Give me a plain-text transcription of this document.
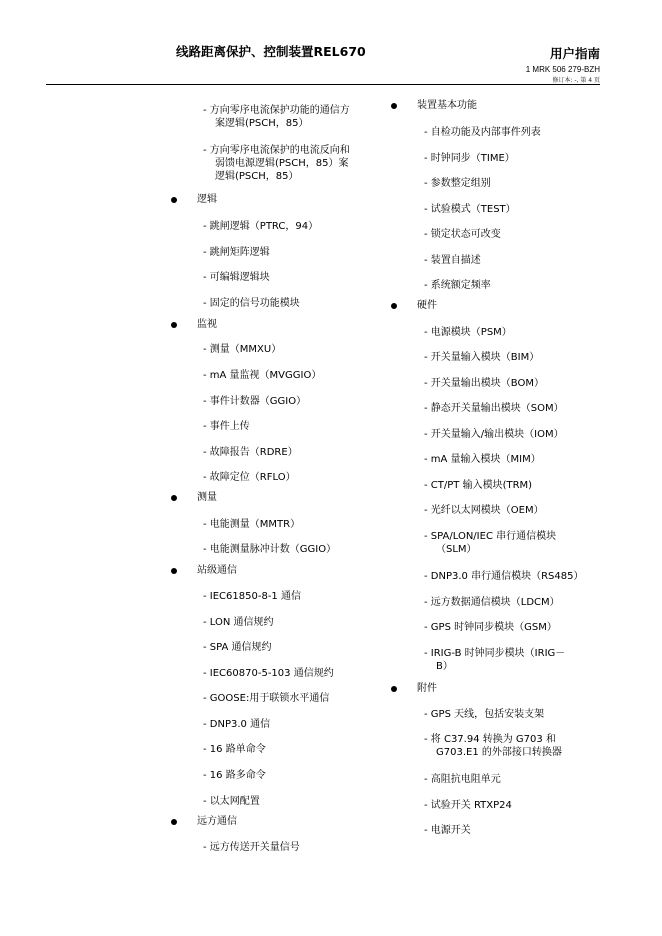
线路距离保护、控制装置REL670	用户指南
1 MRK 506 279-BZH
修订本: -, 第 4 页
- 方向零序电流保护功能的通信方
案逻辑(PSCH，85）
- 方向零序电流保护的电流反向和
弱馈电源逻辑(PSCH，85）案
逻辑(PSCH，85）
逻辑
- 跳闸逻辑（PTRC，94）
- 跳闸矩阵逻辑
- 可编辑逻辑块
- 固定的信号功能模块
监视
- 测量（MMXU）
- mA 量监视（MVGGIO）
- 事件计数器（GGIO）
- 事件上传
- 故障报告（RDRE）
- 故障定位（RFLO）
测量
- 电能测量（MMTR）
- 电能测量脉冲计数（GGIO）
站级通信
- IEC61850-8-1 通信
- LON 通信规约
- SPA 通信规约
- IEC60870-5-103 通信规约
- GOOSE:用于联锁水平通信
- DNP3.0 通信
- 16 路单命令
- 16 路多命令
- 以太网配置
远方通信
- 远方传送开关量信号
装置基本功能
- 自检功能及内部事件列表
- 时钟同步（TIME）
- 参数整定组别
- 试验模式（TEST）
- 锁定状态可改变
- 装置自描述
- 系统额定频率
硬件
- 电源模块（PSM）
- 开关量输入模块（BIM）
- 开关量输出模块（BOM）
- 静态开关量输出模块（SOM）
- 开关量输入/输出模块（IOM）
- mA 量输入模块（MIM）
- CT/PT 输入模块(TRM)
- 光纤以太网模块（OEM）
- SPA/LON/IEC 串行通信模块
（SLM）
- DNP3.0 串行通信模块（RS485）
- 远方数据通信模块（LDCM）
- GPS 时钟同步模块（GSM）
- IRIG-B 时钟同步模块（IRIG－
B）
附件
- GPS 天线，包括安装支架
- 将 C37.94 转换为 G703 和
G703.E1 的外部接口转换器
- 高阻抗电阻单元
- 试验开关 RTXP24
- 电源开关
